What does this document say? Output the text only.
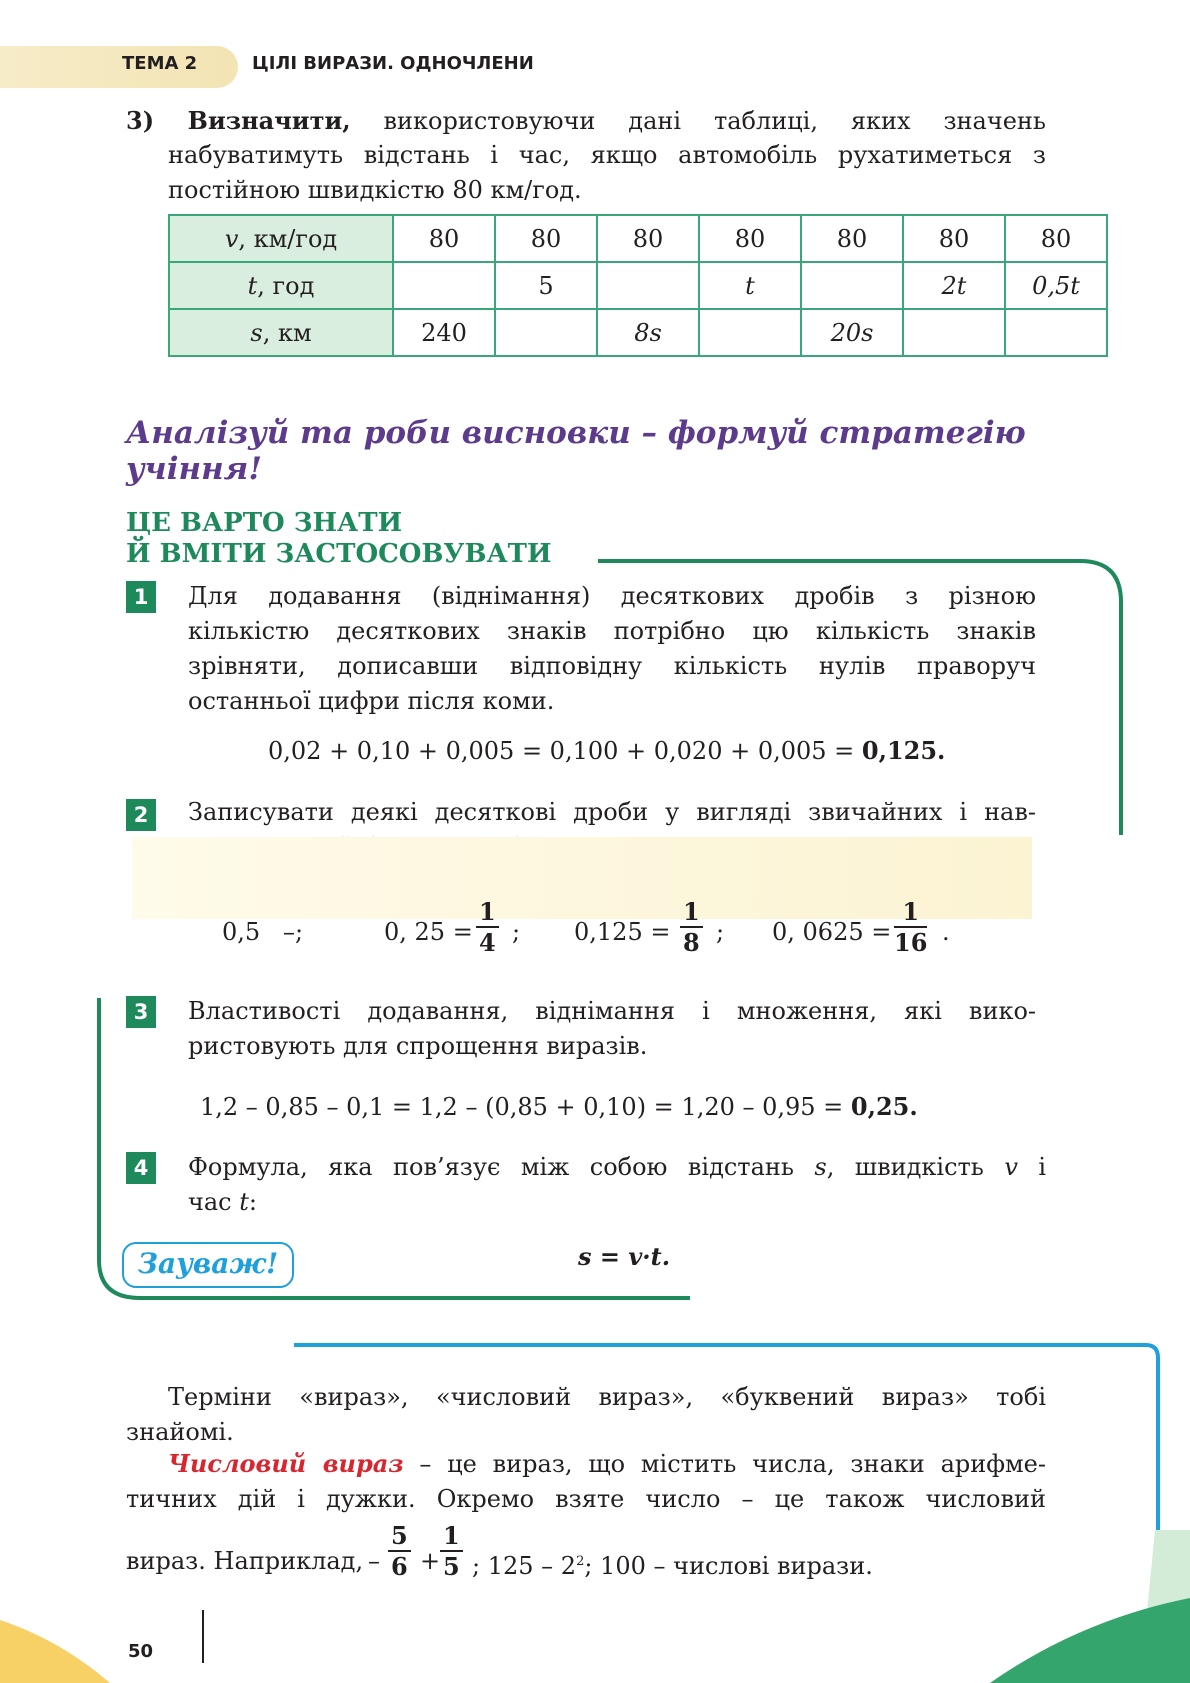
ТЕМА 2	ЦІЛІ ВИРАЗИ. ОДНОЧЛЕНИ
3) Визначити, використовуючи дані таблиці, яких значень
набуватимуть відстань і час, якщо автомобіль рухатиметься з
постійною швидкістю 80 км/год.
v, км/год	80	80	80	80	80	80	80
t, год		5		t		2t	0,5t
s, км	240		8s		20s		
Аналізуй та роби висновки – формуй стратегію
учіння!
ЦЕ ВАРТО ЗНАТИ
Й ВМІТИ ЗАСТОСОВУВАТИ
1	Для додавання (віднімання) десяткових дробів з різною
кількістю десяткових знаків потрібно цю кількість знаків
зрівняти, дописавши відповідну кількість нулів праворуч
останньої цифри після коми.
0,02 + 0,10 + 0,005 = 0,100 + 0,020 + 0,005 = 0,125.
2	Записувати деякі десяткові дроби у вигляді звичайних і нав-

0,5   –;

	0, 25 =

$\frac{1}{4}$

;

0,125 =

$\frac{1}{8}$

;

0, 0625 =

$\frac{1}{16}$

.

3	Властивості додавання, віднімання і множення, які вико-
ристовують для спрощення виразів.
1,2 – 0,85 – 0,1 = 1,2 – (0,85 + 0,10) = 1,20 – 0,95 = 0,25.
4	Формула, яка пов’язує між собою відстань s, швидкість v і
час t:
s = v·t.
Зауваж!
Терміни «вираз», «числовий вираз», «буквений вираз» тобі
знайомі.
Числовий вираз – це вираз, що містить числа, знаки арифме-
тичних дій і дужки. Окремо взяте число – це також числовий
вираз. Наприклад, – $\frac{5}{6} + \frac{1}{5}$ ; $125 - 2^2$; 100 – числові вирази.
50
